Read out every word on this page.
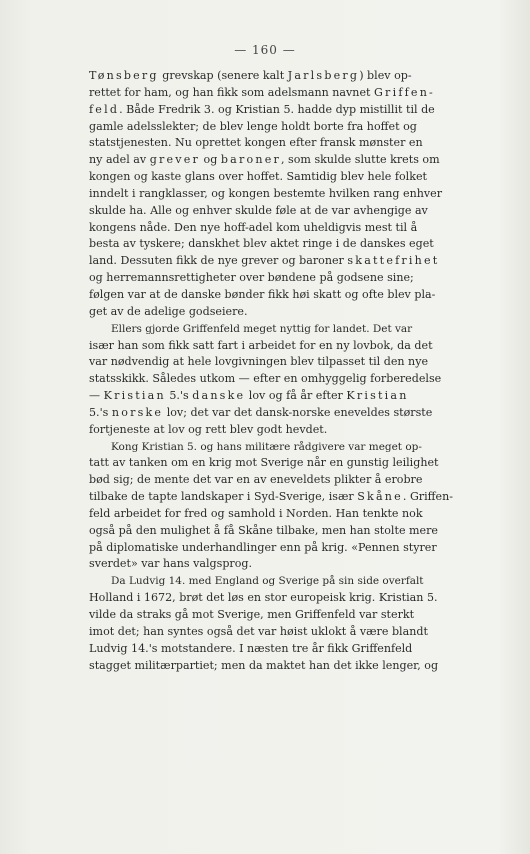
— 160 —

Tønsberg grevskap (senere kalt Jarlsberg) blev op-
rettet for ham, og han fikk som adelsmann navnet Griffen-
feld. Både Fredrik 3. og Kristian 5. hadde dyp mistillit til de
gamle adelsslekter; de blev lenge holdt borte fra hoffet og
statstjenesten. Nu oprettet kongen efter fransk mønster en
ny adel av grever og baroner, som skulde slutte krets om
kongen og kaste glans over hoffet. Samtidig blev hele folket
inndelt i rangklasser, og kongen bestemte hvilken rang enhver
skulde ha. Alle og enhver skulde føle at de var avhengige av
kongens nåde. Den nye hoff-adel kom uheldigvis mest til å
besta av tyskere; danskhet blev aktet ringe i de danskes eget
land. Dessuten fikk de nye grever og baroner skattefrihet
og herremannsrettigheter over bøndene på godsene sine;
følgen var at de danske bønder fikk høi skatt og ofte blev pla-
get av de adelige godseiere.

Ellers gjorde Griffenfeld meget nyttig for landet. Det var
især han som fikk satt fart i arbeidet for en ny lovbok, da det
var nødvendig at hele lovgivningen blev tilpasset til den nye
statsskikk. Således utkom — efter en omhyggelig forberedelse
— Kristian 5.'s danske lov og få år efter Kristian
5.'s norske lov; det var det dansk-norske eneveldes største
fortjeneste at lov og rett blev godt hevdet.

Kong Kristian 5. og hans militære rådgivere var meget op-
tatt av tanken om en krig mot Sverige når en gunstig leilighet
bød sig; de mente det var en av eneveldets plikter å erobre
tilbake de tapte landskaper i Syd-Sverige, især Skåne. Griffen-
feld arbeidet for fred og samhold i Norden. Han tenkte nok
også på den mulighet å få Skåne tilbake, men han stolte mere
på diplomatiske underhandlinger enn på krig. «Pennen styrer
sverdet» var hans valgsprog.

Da Ludvig 14. med England og Sverige på sin side overfalt
Holland i 1672, brøt det løs en stor europeisk krig. Kristian 5.
vilde da straks gå mot Sverige, men Griffenfeld var sterkt
imot det; han syntes også det var høist uklokt å være blandt
Ludvig 14.'s motstandere. I næsten tre år fikk Griffenfeld
stagget militærpartiet; men da maktet han det ikke lenger, og
